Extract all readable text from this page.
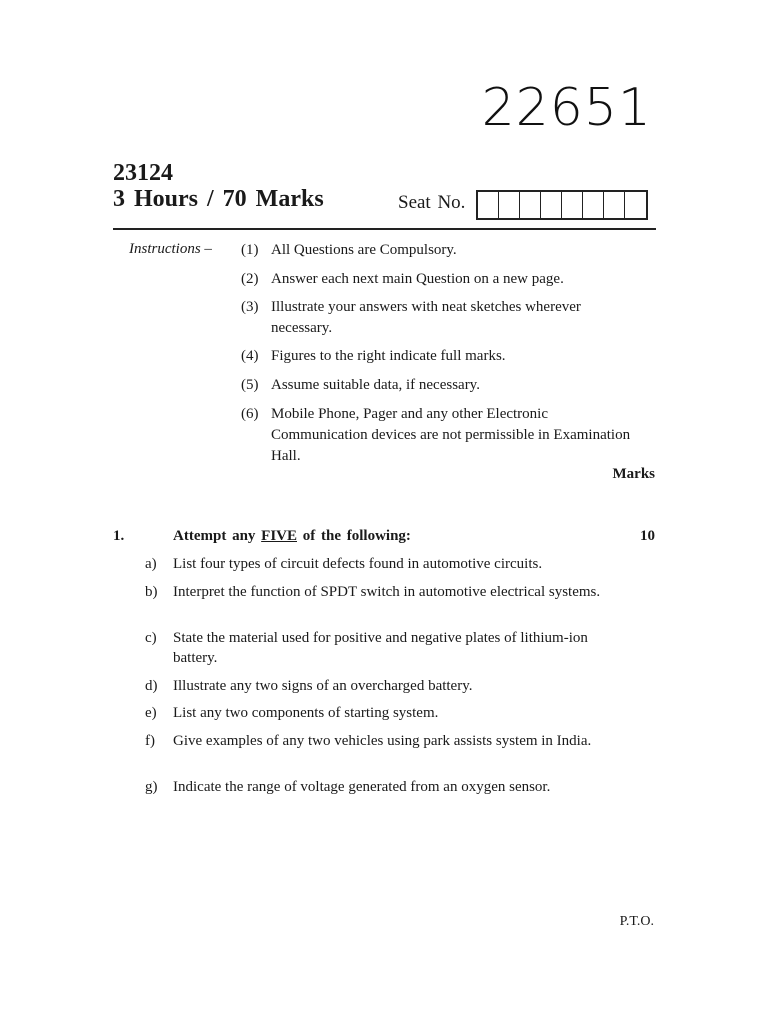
22651
23124
3 Hours / 70 Marks	Seat No.
Instructions – (1) All Questions are Compulsory.
(2) Answer each next main Question on a new page.
(3) Illustrate your answers with neat sketches wherever necessary.
(4) Figures to the right indicate full marks.
(5) Assume suitable data, if necessary.
(6) Mobile Phone, Pager and any other Electronic Communication devices are not permissible in Examination Hall.
Marks
1.	Attempt any FIVE of the following:	10
a) List four types of circuit defects found in automotive circuits.
b) Interpret the function of SPDT switch in automotive electrical systems.
c) State the material used for positive and negative plates of lithium-ion battery.
d) Illustrate any two signs of an overcharged battery.
e) List any two components of starting system.
f) Give examples of any two vehicles using park assists system in India.
g) Indicate the range of voltage generated from an oxygen sensor.
P.T.O.
